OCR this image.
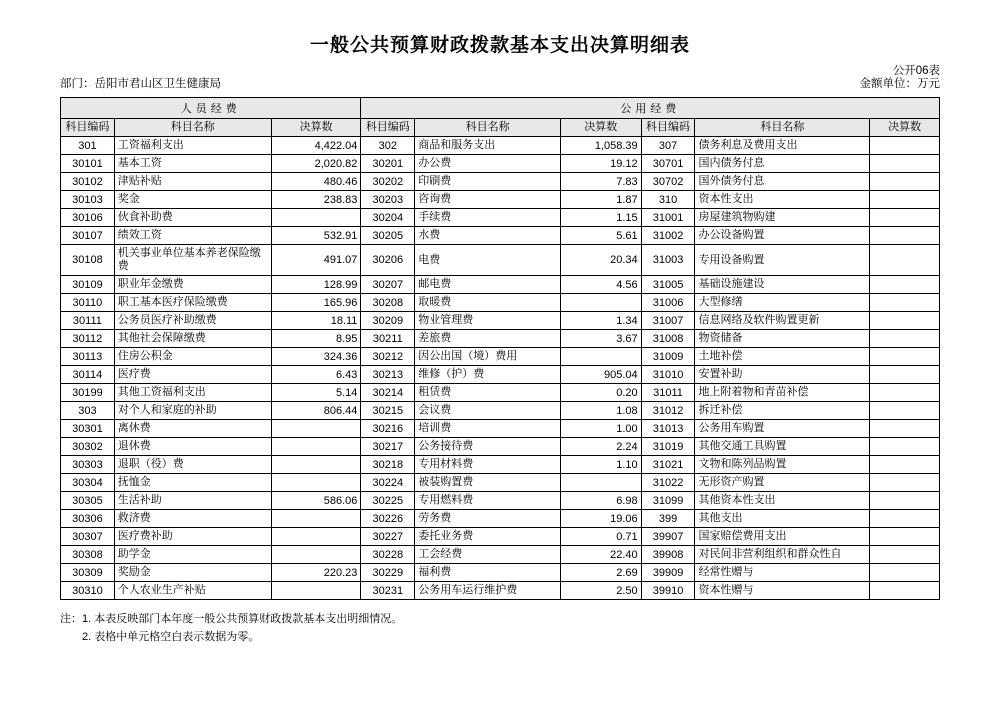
一般公共预算财政拨款基本支出决算明细表
公开06表
部门：岳阳市君山区卫生健康局	金额单位：万元
人员经费			公用经费					
科目编码	科目名称	决算数	科目编码	科目名称	决算数	科目编码	科目名称	决算数
301	工资福利支出	4,422.04	302	商品和服务支出	1,058.39	307	债务利息及费用支出	
30101	基本工资	2,020.82	30201	办公费	19.12	30701	国内债务付息	
30102	津贴补贴	480.46	30202	印刷费	7.83	30702	国外债务付息	
30103	奖金	238.83	30203	咨询费	1.87	310	资本性支出	
30106	伙食补助费		30204	手续费	1.15	31001	房屋建筑物购建	
30107	绩效工资	532.91	30205	水费	5.61	31002	办公设备购置	
30108	机关事业单位基本养老保险缴费	491.07	30206	电费	20.34	31003	专用设备购置	
30109	职业年金缴费	128.99	30207	邮电费	4.56	31005	基础设施建设	
30110	职工基本医疗保险缴费	165.96	30208	取暖费		31006	大型修缮	
30111	公务员医疗补助缴费	18.11	30209	物业管理费	1.34	31007	信息网络及软件购置更新	
30112	其他社会保障缴费	8.95	30211	差旅费	3.67	31008	物资储备	
30113	住房公积金	324.36	30212	因公出国（境）费用		31009	土地补偿	
30114	医疗费	6.43	30213	维修（护）费	905.04	31010	安置补助	
30199	其他工资福利支出	5.14	30214	租赁费	0.20	31011	地上附着物和青苗补偿	
303	对个人和家庭的补助	806.44	30215	会议费	1.08	31012	拆迁补偿	
30301	离休费		30216	培训费	1.00	31013	公务用车购置	
30302	退休费		30217	公务接待费	2.24	31019	其他交通工具购置	
30303	退职（役）费		30218	专用材料费	1.10	31021	文物和陈列品购置	
30304	抚恤金		30224	被装购置费		31022	无形资产购置	
30305	生活补助	586.06	30225	专用燃料费	6.98	31099	其他资本性支出	
30306	救济费		30226	劳务费	19.06	399	其他支出	
30307	医疗费补助		30227	委托业务费	0.71	39907	国家赔偿费用支出	
30308	助学金		30228	工会经费	22.40	39908	对民间非营利组织和群众性自	
30309	奖励金	220.23	30229	福利费	2.69	39909	经常性赠与	
30310	个人农业生产补贴		30231	公务用车运行维护费	2.50	39910	资本性赠与	
注：1. 本表反映部门本年度一般公共预算财政拨款基本支出明细情况。
2. 表格中单元格空白表示数据为零。
